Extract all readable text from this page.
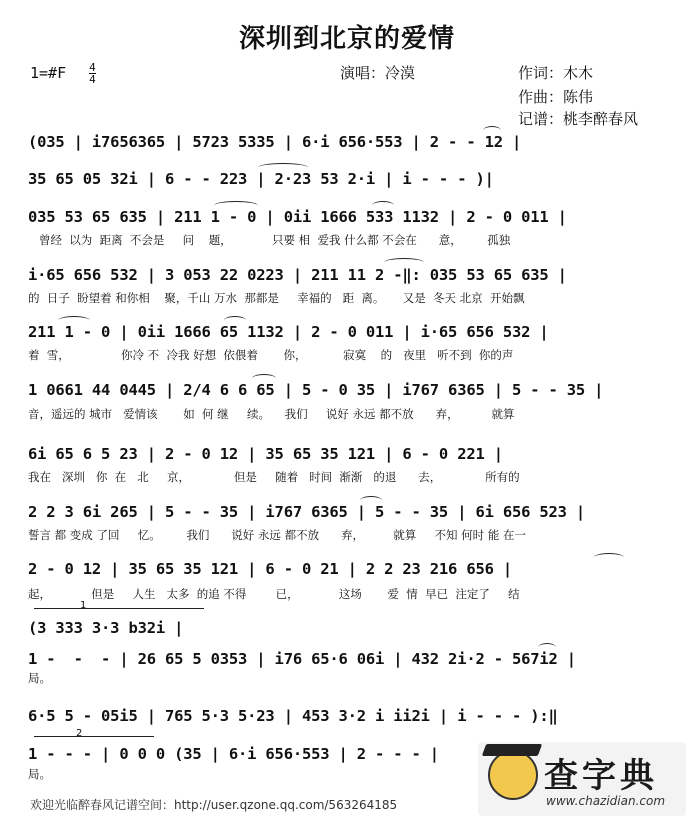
深圳到北京的爱情
1=#F $\frac{4}{4}$	演唱：冷漠	作词：木木
作曲：陈伟
记谱：桃李醉春风
(035 | i7656365 | 5723 5335 | 6·i 656·553 | 2 - - 12 |
35 65 05 32i | 6 - - 223 | 2·23 53 2·i | i - - - )|
035 53 65 635 | 211 1 - 0 | 0ii 1666 533 1132 | 2 - 0 011 |
曾经  以为  距离  不会是     问    题，           只要 相  爱我 什么都 不会在      意，       孤独
i·65 656 532 | 3 053 22 0223 | 211 11 2 -‖: 035 53 65 635 |
的  日子  盼望着 和你相    聚，千山 万水  那都是     幸福的   距  离。     又是  冬天 北京  开始飘
211 1 - 0 | 0ii 1666 65 1132 | 2 - 0 011 | i·65 656 532 |
着  雪，              你冷 不  冷我 好想  依偎着       你，          寂寞    的   夜里   听不到  你的声
1 0661 44 0445 | 2/4 6 6 65 | 5 - 0 35 | i767 6365 | 5 - - 35 |
音，遥远的 城市   爱情该       如  何 继     续。    我们     说好 永远 都不放      弃，         就算
6i 65 6 5 23 | 2 - 0 12 | 35 65 35 121 | 6 - 0 221 |
我在   深圳   你  在   北     京，            但是     随着   时间  渐渐   的退      去，            所有的
2 2 3 6i 265 | 5 - - 35 | i767 6365 | 5 - - 35 | 6i 656 523 |
誓言 都 变成 了回     忆。       我们      说好 永远 都不放      弃，        就算     不知 何时 能 在一
2 - 0 12 | 35 65 35 121 | 6 - 0 21 | 2 2 23 216 656 |
起，           但是     人生   太多  的追 不得        已，           这场       爱  情  早已  注定了     结
1
(3 333 3·3 b32i |
1 -  -  - | 26 65 5 0353 | i76 65·6 06i | 432 2i·2 - 567i2 |
局。
6·5 5 - 05i5 | 765 5·3 5·23 | 453 3·2 i ii2i | i - - - ):‖
2
1 - - - | 0 0 0 (35 | 6·i 656·553 | 2 - - - |
局。
欢迎光临醉春风记谱空间：http://user.qzone.qq.com/563264185
查字典
www.chazidian.com
